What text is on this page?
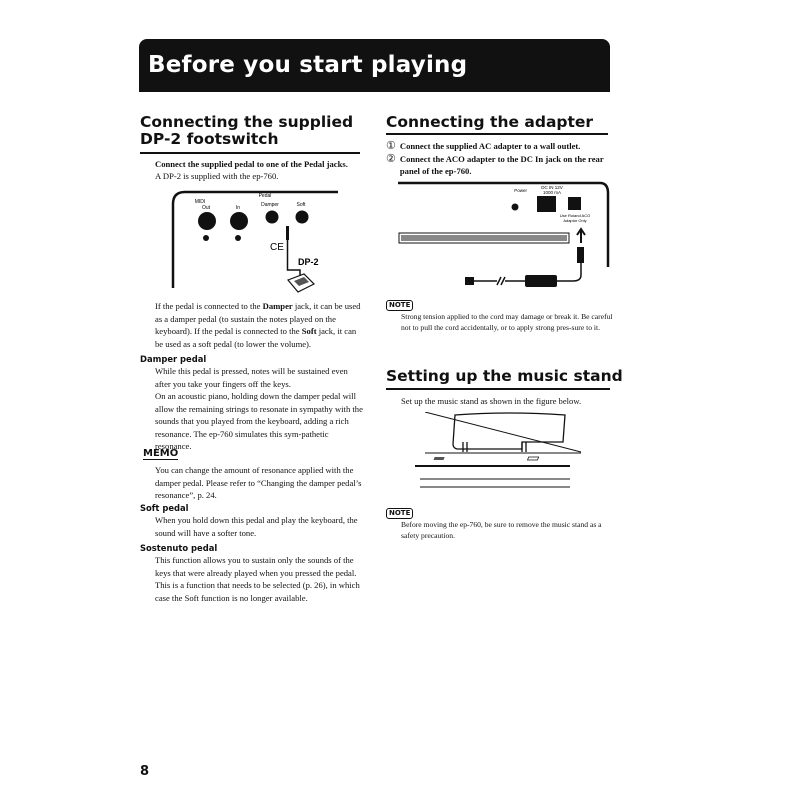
Before you start playing
Connecting the supplied
DP-2 footswitch
Connect the supplied pedal to one of the Pedal jacks.
A DP-2 is supplied with the ep-760.
MIDI
Pedal
Out	In	Damper	Soft
CE
DP-2
If the pedal is connected to the Damper jack, it can be used as a damper pedal (to sustain the notes played on the keyboard). If the pedal is connected to the Soft jack, it can be used as a soft pedal (to lower the volume).
Damper pedal
While this pedal is pressed, notes will be sustained even after you take your fingers off the keys.
On an acoustic piano, holding down the damper pedal will allow the remaining strings to resonate in sympathy with the sounds that you played from the keyboard, adding a rich resonance. The ep-760 simulates this sym-pathetic resonance.
MEMO
You can change the amount of resonance applied with the damper pedal. Please refer to “Changing the damper pedal’s resonance”, p. 24.
Soft pedal
When you hold down this pedal and play the keyboard, the sound will have a softer tone.
Sostenuto pedal
This function allows you to sustain only the sounds of the keys that were already played when you pressed the pedal.
This is a function that needs to be selected (p. 26), in which case the Soft function is no longer available.
Connecting the adapter
① Connect the supplied AC adapter to a wall outlet.
② Connect the ACO adapter to the DC In jack on the rear panel of the ep-760.
DC IN 12V
1000 mA
Power
Use Roland ACO
Adaptor Only
NOTE
Strong tension applied to the cord may damage or break it. Be careful not to pull the cord accidentally, or to apply strong pres-sure to it.
Setting up the music stand
Set up the music stand as shown in the figure below.
NOTE
Before moving the ep-760, be sure to remove the music stand as a safety precaution.
8
